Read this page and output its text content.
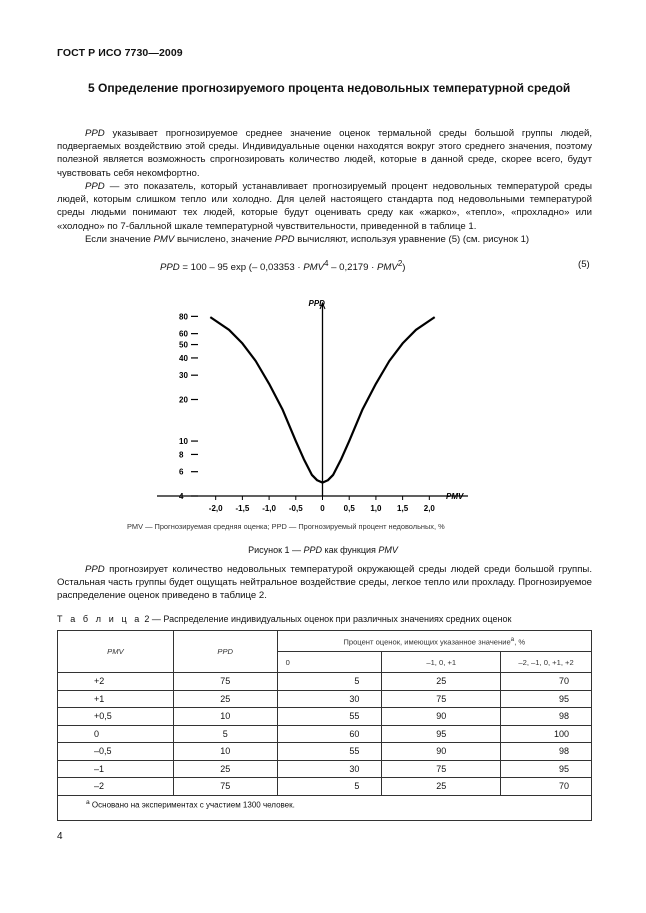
ГОСТ Р ИСО 7730—2009
5 Определение прогнозируемого процента недовольных температурной средой
PPD указывает прогнозируемое среднее значение оценок термальной среды большой группы людей, подвергаемых воздействию этой среды. Индивидуальные оценки находятся вокруг этого среднего значения, поэтому полезной является возможность спрогнозировать количество людей, которые в данной среде, скорее всего, будут чувствовать себя некомфортно.
PPD — это показатель, который устанавливает прогнозируемый процент недовольных температурой среды людей, которым слишком тепло или холодно. Для целей настоящего стандарта под недовольными температурой среды людьми понимают тех людей, которые будут оценивать среду как «жарко», «тепло», «прохладно» или «холодно» по 7-балльной шкале температурной чувствительности, приведенной в таблице 1.
Если значение PMV вычислено, значение PPD вычисляют, используя уравнение (5) (см. рисунок 1)
PPD = 100 – 95 exp (– $0,03353 \cdot PMV^4 - 0,2179 \cdot PMV^2$)	(5)
PPD
PMV
4
6
8
10
20
30
40
50
60
80
-2,0 -1,5 -1,0 -0,5 0 0,5 1,0 1,5 2,0
PMV — Прогнозируемая средняя оценка; PPD — Прогнозируемый процент недовольных, %
Рисунок 1 — PPD как функция PMV
PPD прогнозирует количество недовольных температурой окружающей среды людей среди большой группы. Остальная часть группы будет ощущать нейтральное воздействие среды, легкое тепло или прохладу. Прогнозируемое распределение оценок приведено в таблице 2.
Т а б л и ц а 2 — Распределение индивидуальных оценок при различных значениях средних оценок
PMV	PPD	Процент оценок, имеющих указанное значение$^a$, %		
		0	–1, 0, +1	–2, –1, 0, +1, +2
+2	75	5	25	70
+1	25	30	75	95
+0,5	10	55	90	98
0	5	60	95	100
–0,5	10	55	90	98
–1	25	30	75	95
–2	75	5	25	70
$^a$ Основано на экспериментах с участием 1300 человек.				
4
